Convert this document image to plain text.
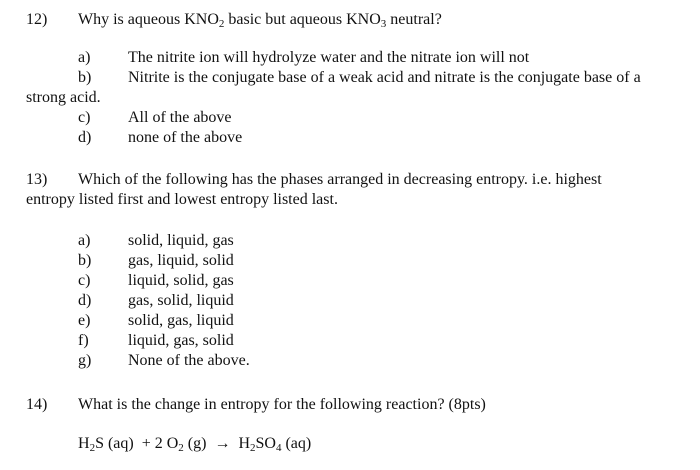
12)	Why is aqueous $KNO_2$ basic but aqueous $KNO_3$ neutral?
a)	The nitrite ion will hydrolyze water and the nitrate ion will not
b)	Nitrite is the conjugate base of a weak acid and nitrate is the conjugate base of a
strong acid.
c)	All of the above
d)	none of the above
13)	Which of the following has the phases arranged in decreasing entropy. i.e. highest
entropy listed first and lowest entropy listed last.
a)	solid, liquid, gas
b)	gas, liquid, solid
c)	liquid, solid, gas
d)	gas, solid, liquid
e)	solid, gas, liquid
f)	liquid, gas, solid
g)	None of the above.
14)	What is the change in entropy for the following reaction? (8pts)
$H_2S$ (aq)  + 2 $O_2$ $(g) \to H_2SO_4$ (aq)
